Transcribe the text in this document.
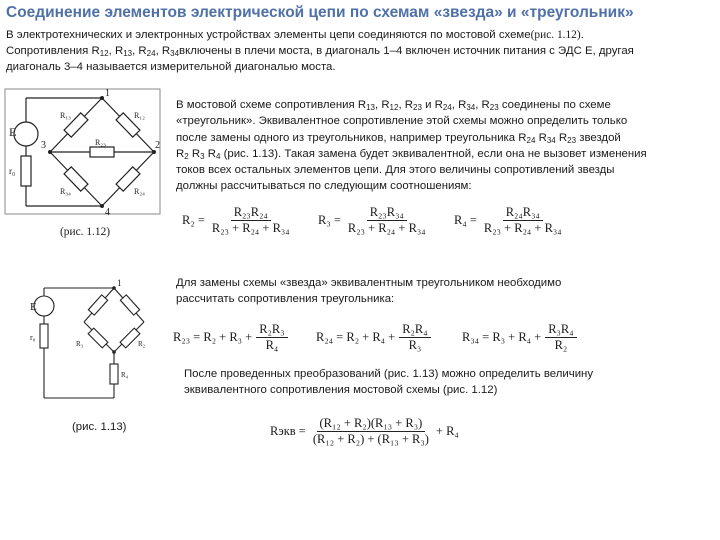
Соединение элементов электрической цепи по схемам «звезда» и «треугольник»
В электротехнических и электронных устройствах элементы цепи соединяются по мостовой схеме(рис. 1.12).
Сопротивления $R_{12}$, $R_{13}$, $R_{24}$, $R_{34}включены$ в плечи моста, в диагональ 1–4 включен источник питания с ЭДС E, другая
диагональ 3–4 называется измерительной диагональю моста.
1
2
3
4
E
r₀
R₁₃	R₁₂
R₂₃
R₃₄	R₂₄
(рис. 1.12)
В мостовой схеме сопротивления $R_{13}$, $R_{12}$, $R_{23}$ и $R_{24}$, $R_{34}$, $R_{23}$ соединены по схеме
«треугольник». Эквивалентное сопротивление этой схемы можно определить только
после замены одного из треугольников, например треугольника $R_{24}$ $R_{34}$ $R_{23}$ звездой
$R_2$ $R_3$ $R_4$ (рис. 1.13). Такая замена будет эквивалентной, если она не вызовет изменения
токов всех остальных элементов цепи. Для этого величины сопротивлений звезды
должны рассчитываться по следующим соотношениям:
$R_2 = \frac{\text{R₂₃R₂₄}}{\text{R₂₃ + R₂₄ + R₃₄}} R_3 = \frac{\text{R₂₃R₃₄}}{\text{R₂₃ + R₂₄ + R₃₄}} R_4 = \frac{\text{R₂₄R₃₄}}{\text{R₂₃ + R₂₄ + R₃₄}}$
Для замены схемы «звезда» эквивалентным треугольником необходимо
рассчитать сопротивления треугольника:
$R_{23} = R_2 + R_3 + \frac{\text{R₂R₃}}{\text{R₄}} R_{24} = R_2 + R_4 + \frac{\text{R₂R₄}}{\text{R₃}}$	$R_{34} = R_3 + R_4 + \frac{\text{R₃R₄}}{\text{R₂}}$
1
E
r₀
R₃	R₂
R₄	После проведенных преобразований (рис. 1.13) можно определить величину
эквивалентного сопротивления мостовой схемы (рис. 1.12)
(рис. 1.13)	Rэкв = $\frac{\text{(R₁₂ + R₂)(R₁₃ + R₃)}}{\text{(R₁₂ + R₂) + (R₁₃ + R₃)}} + R_4$
